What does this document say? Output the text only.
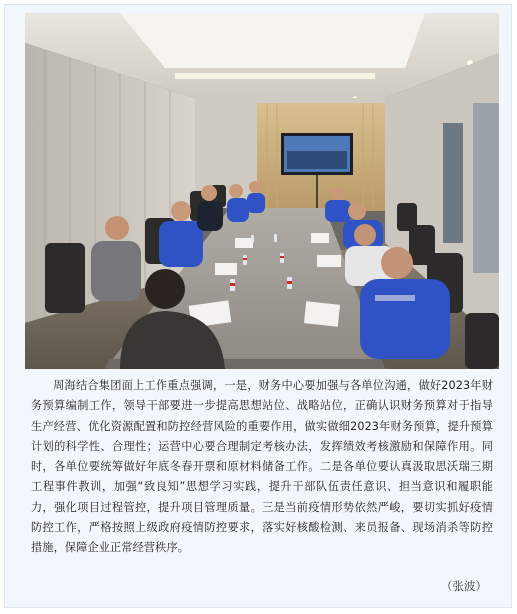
周海结合集团面上工作重点强调，一是，财务中心要加强与各单位沟通，做好2023年财务预算编制工作，领导干部要进一步提高思想站位、战略站位，正确认识财务预算对于指导生产经营、优化资源配置和防控经营风险的重要作用，做实做细2023年财务预算，提升预算计划的科学性、合理性；运营中心要合理制定考核办法，发挥绩效考核激励和保障作用。同时，各单位要统筹做好年底冬春开票和原材料储备工作。二是各单位要认真汲取思沃瑞三期工程事件教训，加强“致良知”思想学习实践，提升干部队伍责任意识、担当意识和履职能力，强化项目过程管控，提升项目管理质量。三是当前疫情形势依然严峻，要切实抓好疫情防控工作，严格按照上级政府疫情防控要求，落实好核酸检测、来员报备、现场消杀等防控措施，保障企业正常经营秩序。

（张波）
